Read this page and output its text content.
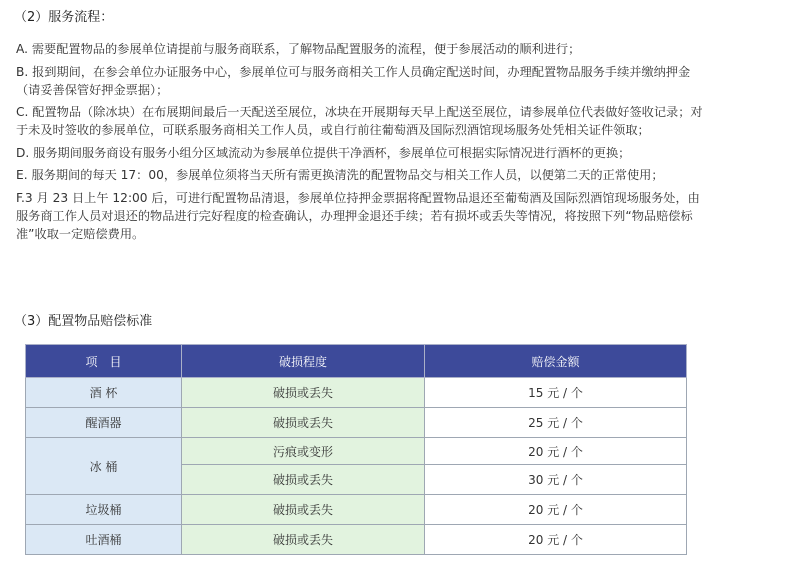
（2）服务流程：

A. 需要配置物品的参展单位请提前与服务商联系，了解物品配置服务的流程，便于参展活动的顺利进行；

B. 报到期间，在参会单位办证服务中心，参展单位可与服务商相关工作人员确定配送时间，办理配置物品服务手续并缴纳押金（请妥善保管好押金票据）；

C. 配置物品（除冰块）在布展期间最后一天配送至展位，冰块在开展期每天早上配送至展位，请参展单位代表做好签收记录；对于未及时签收的参展单位，可联系服务商相关工作人员，或自行前往葡萄酒及国际烈酒馆现场服务处凭相关证件领取；

D. 服务期间服务商设有服务小组分区域流动为参展单位提供干净酒杯，参展单位可根据实际情况进行酒杯的更换；

E. 服务期间的每天 17：00，参展单位须将当天所有需更换清洗的配置物品交与相关工作人员，以便第二天的正常使用；

F.3 月 23 日上午 12:00 后，可进行配置物品清退，参展单位持押金票据将配置物品退还至葡萄酒及国际烈酒馆现场服务处，由服务商工作人员对退还的物品进行完好程度的检查确认，办理押金退还手续；若有损坏或丢失等情况，将按照下列“物品赔偿标准”收取一定赔偿费用。

（3）配置物品赔偿标准
项　目	破损程度	赔偿金额
酒 杯	破损或丢失	15 元 / 个
醒酒器	破损或丢失	25 元 / 个
冰 桶	污痕或变形	20 元 / 个
	破损或丢失	30 元 / 个
垃圾桶	破损或丢失	20 元 / 个
吐酒桶	破损或丢失	20 元 / 个
